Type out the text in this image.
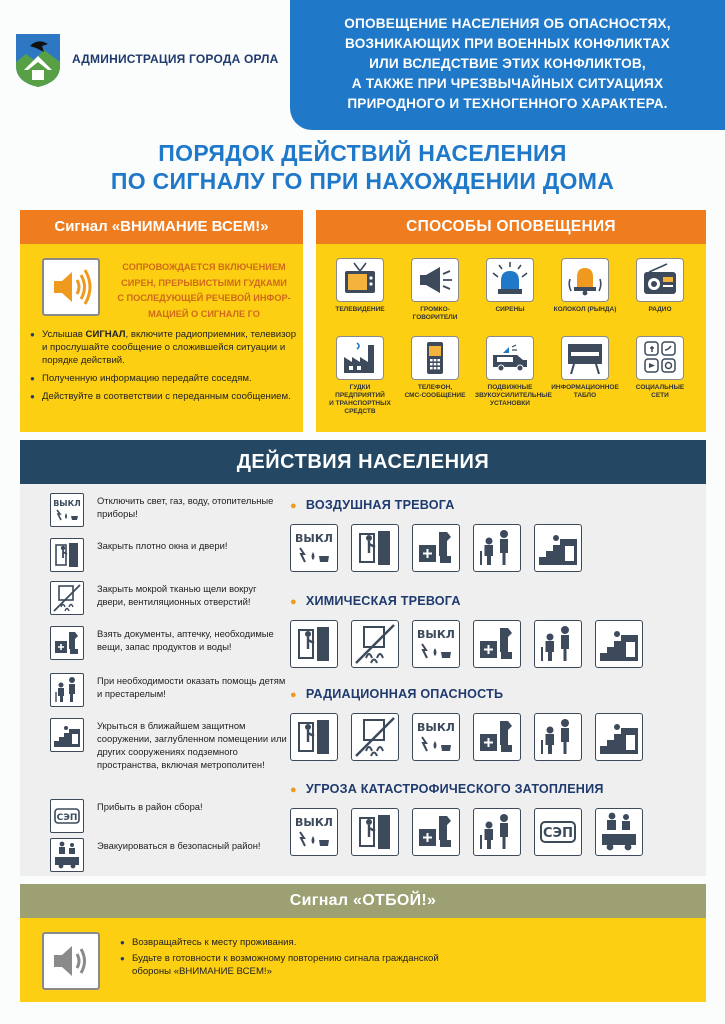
АДМИНИСТРАЦИЯ ГОРОДА ОРЛА
ОПОВЕЩЕНИЕ НАСЕЛЕНИЯ ОБ ОПАСНОСТЯХ,
ВОЗНИКАЮЩИХ ПРИ ВОЕННЫХ КОНФЛИКТАХ
ИЛИ ВСЛЕДСТВИЕ ЭТИХ КОНФЛИКТОВ,
А ТАКЖЕ ПРИ ЧРЕЗВЫЧАЙНЫХ СИТУАЦИЯХ
ПРИРОДНОГО И ТЕХНОГЕННОГО ХАРАКТЕРА.
ПОРЯДОК ДЕЙСТВИЙ НАСЕЛЕНИЯ
ПО СИГНАЛУ ГО ПРИ НАХОЖДЕНИИ ДОМА
Сигнал «ВНИМАНИЕ ВСЕМ!»
СОПРОВОЖДАЕТСЯ ВКЛЮЧЕНИЕМ
СИРЕН, ПРЕРЫВИСТЫМИ ГУДКАМИ
С ПОСЛЕДУЮЩЕЙ РЕЧЕВОЙ ИНФОР-
МАЦИЕЙ О СИГНАЛЕ ГО
● Услышав СИГНАЛ, включите радиоприемник, телевизор и прослушайте сообщение о сложившейся ситуации и порядке действий.
● Полученную информацию передайте соседям.
● Действуйте в соответствии с переданным сообщением.
СПОСОБЫ ОПОВЕЩЕНИЯ
ТЕЛЕВИДЕНИЕ	ГРОМКО-
ГОВОРИТЕЛИ
СИРЕНЫ	КОЛОКОЛ (РЫНДА)	РАДИО
ГУДКИ ПРЕДПРИЯТИЙ
И ТРАНСПОРТНЫХ
СРЕДСТВ
ТЕЛЕФОН,
СМС-СООБЩЕНИЕ
ПОДВИЖНЫЕ
ЗВУКОУСИЛИТЕЛЬНЫЕ
УСТАНОВКИ
ИНФОРМАЦИОННОЕ
ТАБЛО
СОЦИАЛЬНЫЕ
СЕТИ
ДЕЙСТВИЯ НАСЕЛЕНИЯ
ВЫКЛ Отключить свет, газ, воду, отопительные приборы!
Закрыть плотно окна и двери!
Закрыть мокрой тканью щели вокруг двери, вентиляционных отверстий!
Взять документы, аптечку, необходимые вещи, запас продуктов и воды!
При необходимости оказать помощь детям и престарелым!
Укрыться в ближайшем защитном сооружении, заглубленном помещении или других сооружениях подземного пространства, включая метрополитен!
СЭП
Прибыть в район сбора!
Эвакуироваться в безопасный район!
● ВОЗДУШНАЯ ТРЕВОГА
ВЫКЛ
● ХИМИЧЕСКАЯ ТРЕВОГА
ВЫКЛ
● РАДИАЦИОННАЯ ОПАСНОСТЬ
ВЫКЛ
● УГРОЗА КАТАСТРОФИЧЕСКОГО ЗАТОПЛЕНИЯ
ВЫКЛ
СЭП
Сигнал «ОТБОЙ!»
● Возвращайтесь к месту проживания.
● Будьте в готовности к возможному повторению сигнала гражданской обороны «ВНИМАНИЕ ВСЕМ!»
